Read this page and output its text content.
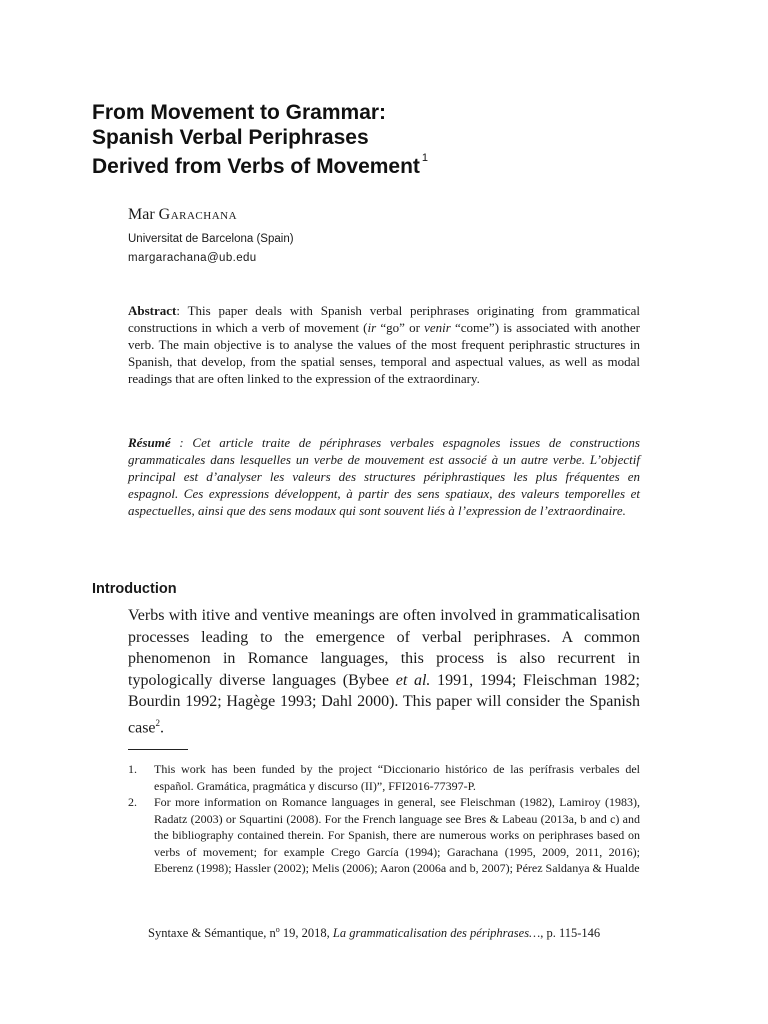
From Movement to Grammar:
Spanish Verbal Periphrases
Derived from Verbs of Movement $^1$
Mar Garachana
Universitat de Barcelona (Spain)
margarachana@ub.edu
Abstract: This paper deals with Spanish verbal periphrases originating from grammatical constructions in which a verb of movement (ir “go” or venir “come”) is associated with another verb. The main objective is to analyse the values of the most frequent periphrastic structures in Spanish, that develop, from the spatial senses, temporal and aspectual values, as well as modal readings that are often linked to the expression of the extraordinary.
Résumé : Cet article traite de périphrases verbales espagnoles issues de constructions grammaticales dans lesquelles un verbe de mouvement est associé à un autre verbe. L’objectif principal est d’analyser les valeurs des structures périphrastiques les plus fréquentes en espagnol. Ces expressions développent, à partir des sens spatiaux, des valeurs temporelles et aspectuelles, ainsi que des sens modaux qui sont souvent liés à l’expression de l’extraordinaire.
Introduction
Verbs with itive and ventive meanings are often involved in grammaticalisation processes leading to the emergence of verbal periphrases. A common phenomenon in Romance languages, this process is also recurrent in typologically diverse languages (Bybee et al. 1991, 1994; Fleischman 1982; Bourdin 1992; Hagège 1993; Dahl 2000). This paper will consider the Spanish case$^2$.
1. This work has been funded by the project “Diccionario histórico de las perífrasis verbales del español. Gramática, pragmática y discurso (II)”, FFI2016-77397-P.
2. For more information on Romance languages in general, see Fleischman (1982), Lamiroy (1983), Radatz (2003) or Squartini (2008). For the French language see Bres & Labeau (2013a, b and c) and the bibliography contained therein. For Spanish, there are numerous works on periphrases based on verbs of movement; for example Crego García (1994); Garachana (1995, 2009, 2011, 2016); Eberenz (1998); Hassler (2002); Melis (2006); Aaron (2006a and b, 2007); Pérez Saldanya & Hualde
Syntaxe & Sémantique, $n^o$ 19, 2018, La grammaticalisation des périphrases…, p. 115-146
